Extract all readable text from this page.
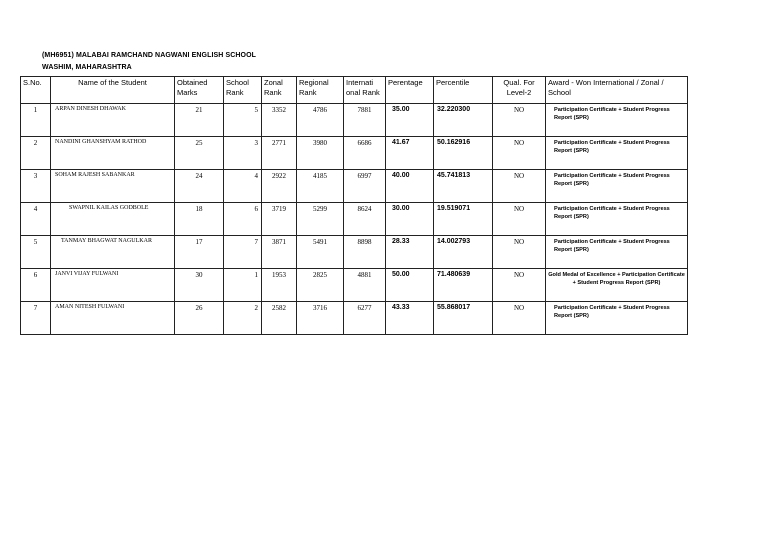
(MH6951) MALABAI RAMCHAND NAGWANI ENGLISH SCHOOL
WASHIM, MAHARASHTRA
S.No.	Name of the Student	Obtained Marks	School Rank	Zonal Rank	Regional Rank	Internati onal Rank	Perentage	Percentile	Qual. For Level-2	Award - Won International / Zonal / School
1	ARPAN DINESH DHAWAK	21	5	3352	4786	7881	35.00	32.220300	NO	Participation Certificate + Student Progress Report (SPR)
2	NANDINI GHANSHYAM RATHOD	25	3	2771	3980	6686	41.67	50.162916	NO	Participation Certificate + Student Progress Report (SPR)
3	SOHAM RAJESH SABANKAR	24	4	2922	4185	6997	40.00	45.741813	NO	Participation Certificate + Student Progress Report (SPR)
4	SWAPNIL KAILAS GODBOLE	18	6	3719	5299	8624	30.00	19.519071	NO	Participation Certificate + Student Progress Report (SPR)
5	TANMAY BHAGWAT NAGULKAR	17	7	3871	5491	8898	28.33	14.002793	NO	Participation Certificate + Student Progress Report (SPR)
6	JANVI VIJAY FULWANI	30	1	1953	2825	4881	50.00	71.480639	NO	Gold Medal of Excellence + Participation Certificate + Student Progress Report (SPR)
7	AMAN NITESH FULWANI	26	2	2582	3716	6277	43.33	55.868017	NO	Participation Certificate + Student Progress Report (SPR)
